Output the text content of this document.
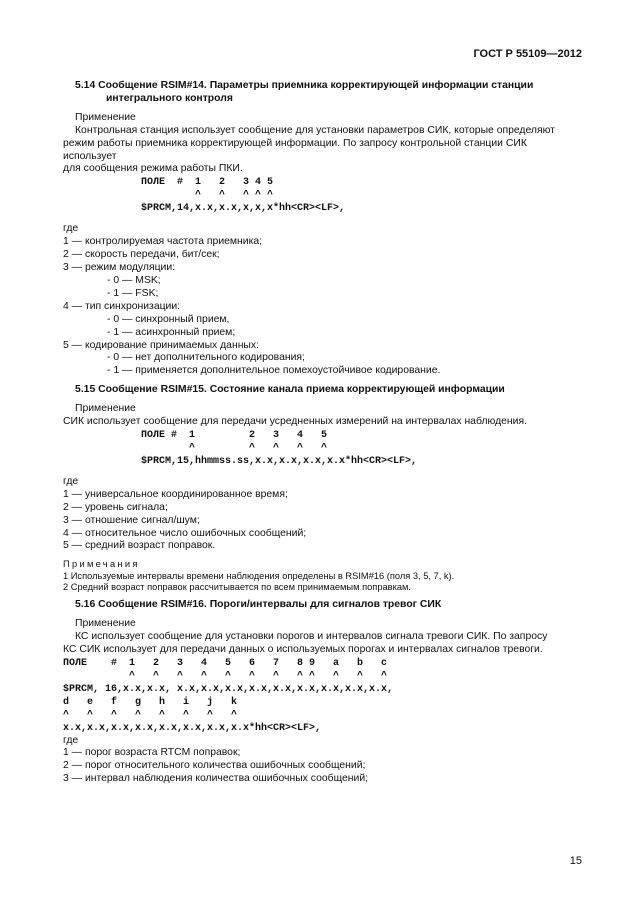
ГОСТ Р 55109—2012
5.14 Сообщение RSIM#14. Параметры приемника корректирующей информации станции
интегрального контроля
Применение
Контрольная станция использует сообщение для установки параметров СИК, которые определяют
режим работы приемника корректирующей информации. По запросу контрольной станции СИК использует
для сообщения режима работы ПКИ.
ПОЛЕ  #  1   2   3 4 5
^   ^   ^ ^ ^
$PRCM,14,x.x,x.x,x,x,x*hh<CR><LF>,
где
1 — контролируемая частота приемника;
2 — скорость передачи, бит/сек;
3 — режим модуляции:
- 0 — MSK;
- 1 — FSK;
4 — тип синхронизации:
- 0 — синхронный прием,
- 1 — асинхронный прием;
5 — кодирование принимаемых данных:
- 0 — нет дополнительного кодирования;
- 1 — применяется дополнительное помехоустойчивое кодирование.
5.15 Сообщение RSIM#15. Состояние канала приема корректирующей информации
Применение
СИК использует сообщение для передачи усредненных измерений на интервалах наблюдения.
ПОЛЕ #  1         2   3   4   5
^         ^   ^   ^   ^
$PRCM,15,hhmmss.ss,x.x,x.x,x.x,x.x*hh<CR><LF>,
где
1 — универсальное координированное время;
2 — уровень сигнала;
3 — отношение сигнал/шум;
4 — относительное число ошибочных сообщений;
5 — средний возраст поправок.
Примечания
1 Используемые интервалы времени наблюдения определены в RSIM#16 (поля 3, 5, 7, k).
2 Средний возраст поправок рассчитывается по всем принимаемым поправкам.
5.16 Сообщение RSIM#16. Пороги/интервалы для сигналов тревог СИК
Применение
КС использует сообщение для установки порогов и интервалов сигнала тревоги СИК. По запросу
КС СИК использует для передачи данных о используемых порогах и интервалах сигналов тревоги.
ПОЛЕ    #  1   2   3   4   5   6   7   8 9   a   b   c
^   ^   ^   ^   ^   ^   ^   ^ ^   ^   ^   ^
$PRCM, 16,x.x,x.x, x.x,x.x,x.x,x.x,x.x,x.x,x.x,x.x,x.x,
d   e   f   g   h   i   j   k
^   ^   ^   ^   ^   ^   ^   ^
x.x,x.x,x.x,x.x,x.x,x.x,x.x,x.x*hh<CR><LF>,
где
1 — порог возраста RTCM поправок;
2 — порог относительного количества ошибочных сообщений;
3 — интервал наблюдения количества ошибочных сообщений;
15
